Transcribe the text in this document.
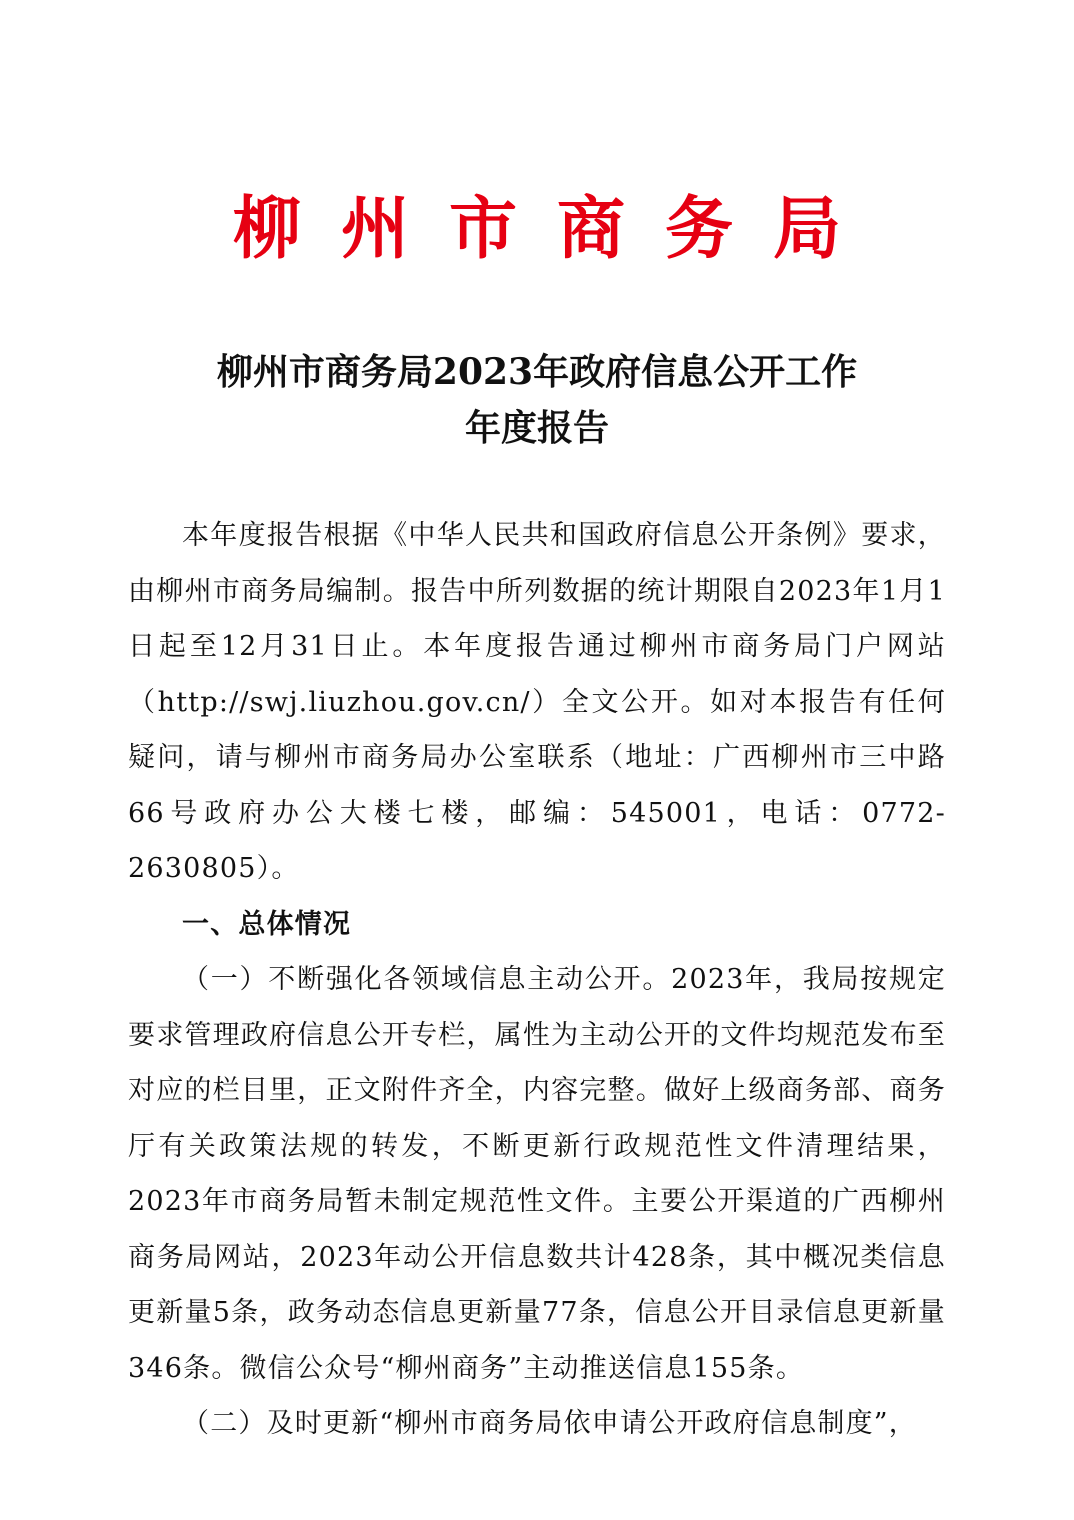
柳州市商务局
柳州市商务局2023年政府信息公开工作
年度报告

本年度报告根据《中华人民共和国政府信息公开条例》要求，由柳州市商务局编制。报告中所列数据的统计期限自2023年1月1日起至12月31日止。本年度报告通过柳州市商务局门户网站（http://swj.liuzhou.gov.cn/）全文公开。如对本报告有任何疑问，请与柳州市商务局办公室联系（地址：广西柳州市三中路66号政府办公大楼七楼，邮编：545001，电话：0772-2630805）。

一、总体情况

（一）不断强化各领域信息主动公开。2023年，我局按规定要求管理政府信息公开专栏，属性为主动公开的文件均规范发布至对应的栏目里，正文附件齐全，内容完整。做好上级商务部、商务厅有关政策法规的转发，不断更新行政规范性文件清理结果，2023年市商务局暂未制定规范性文件。主要公开渠道的广西柳州商务局网站，2023年动公开信息数共计428条，其中概况类信息更新量5条，政务动态信息更新量77条，信息公开目录信息更新量346条。微信公众号“柳州商务”主动推送信息155条。

（二）及时更新“柳州市商务局依申请公开政府信息制度”，
